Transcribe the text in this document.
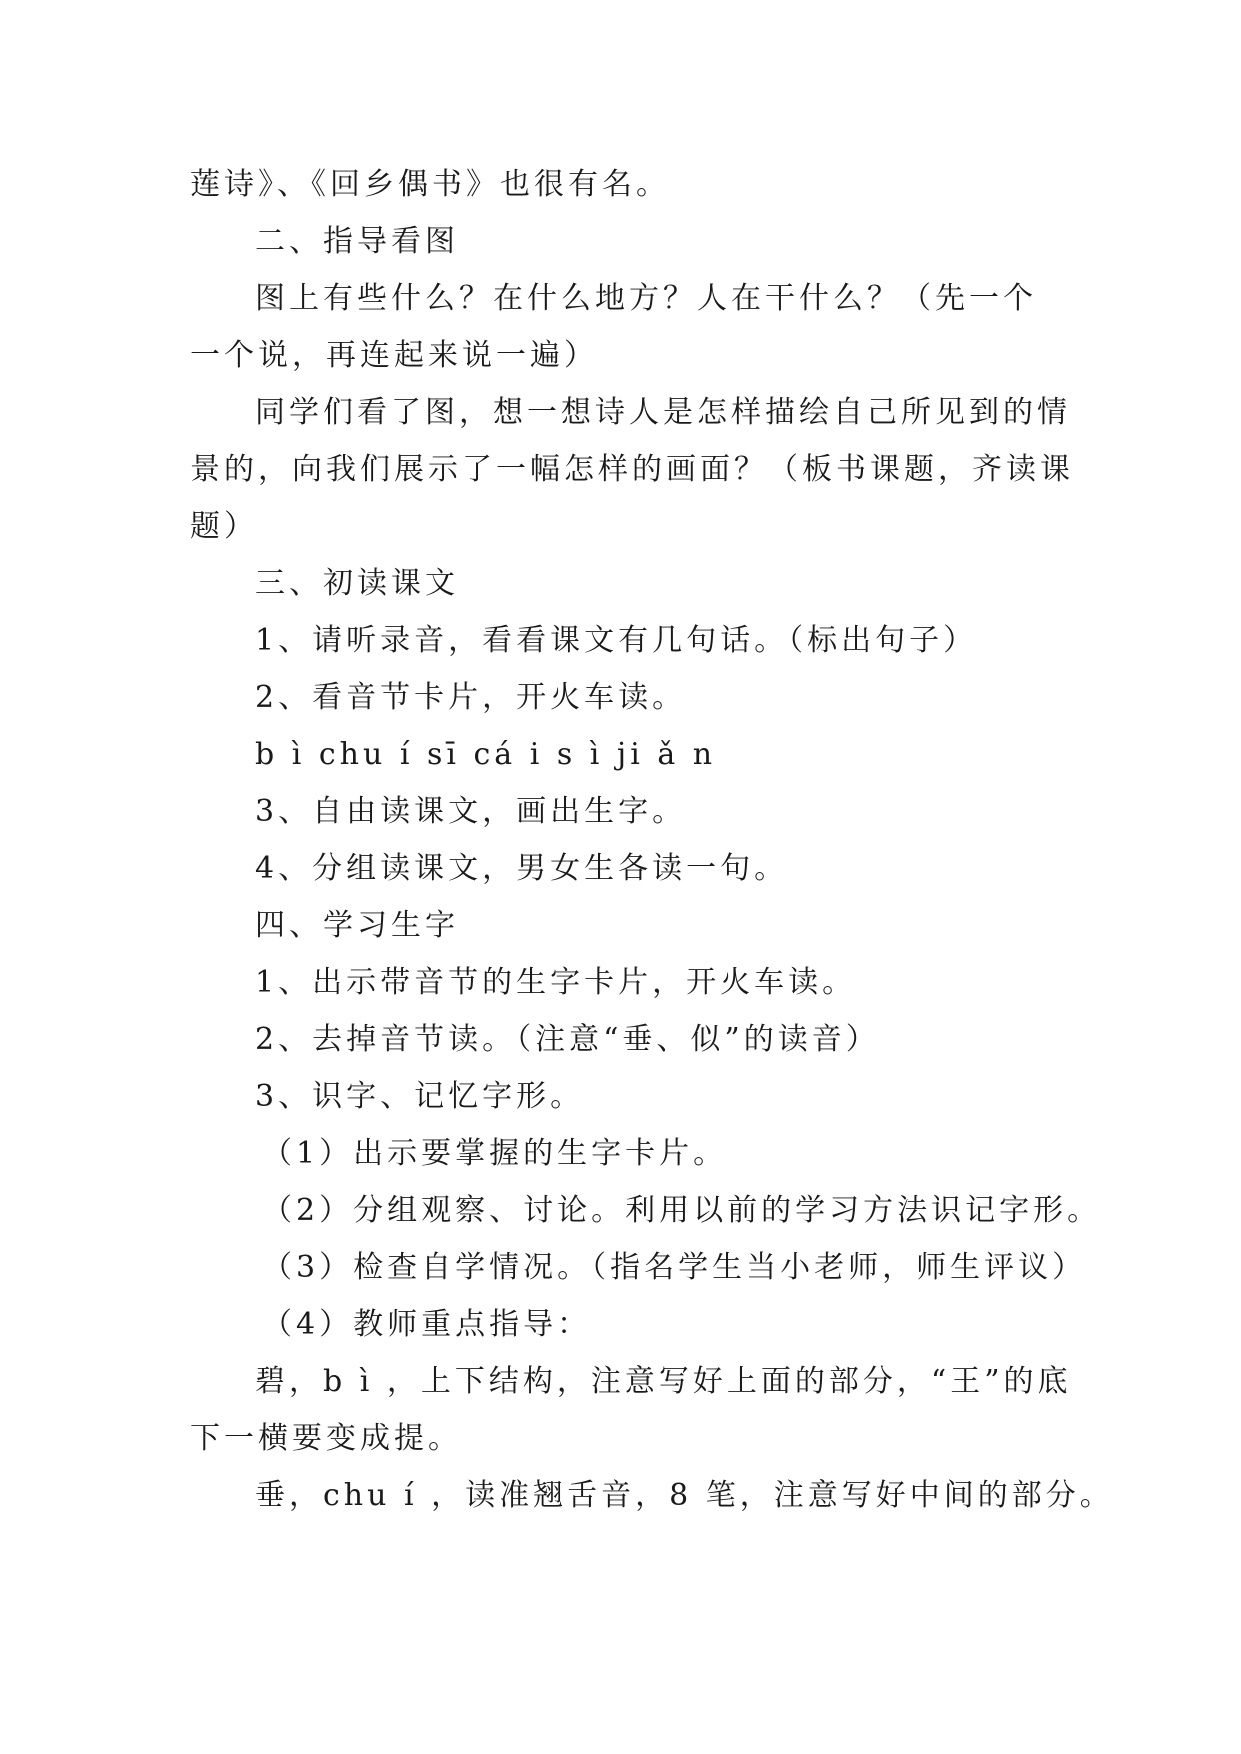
莲诗》、《回乡偶书》也很有名。
二、指导看图
图上有些什么？在什么地方？人在干什么？（先一个
一个说，再连起来说一遍）
同学们看了图，想一想诗人是怎样描绘自己所见到的情
景的，向我们展示了一幅怎样的画面？（板书课题，齐读课
题）
三、初读课文
1、请听录音，看看课文有几句话。（标出句子）
2、看音节卡片，开火车读。
b ì chu í sī cá i s ì ji ǎ n
3、自由读课文，画出生字。
4、分组读课文，男女生各读一句。
四、学习生字
1、出示带音节的生字卡片，开火车读。
2、去掉音节读。（注意“垂、似”的读音）
3、识字、记忆字形。
（1）出示要掌握的生字卡片。
（2）分组观察、讨论。利用以前的学习方法识记字形。
（3）检查自学情况。（指名学生当小老师，师生评议）
（4）教师重点指导：
碧，b ì ，上下结构，注意写好上面的部分，“王”的底
下一横要变成提。
垂，chu í ，读准翘舌音，8 笔，注意写好中间的部分。
